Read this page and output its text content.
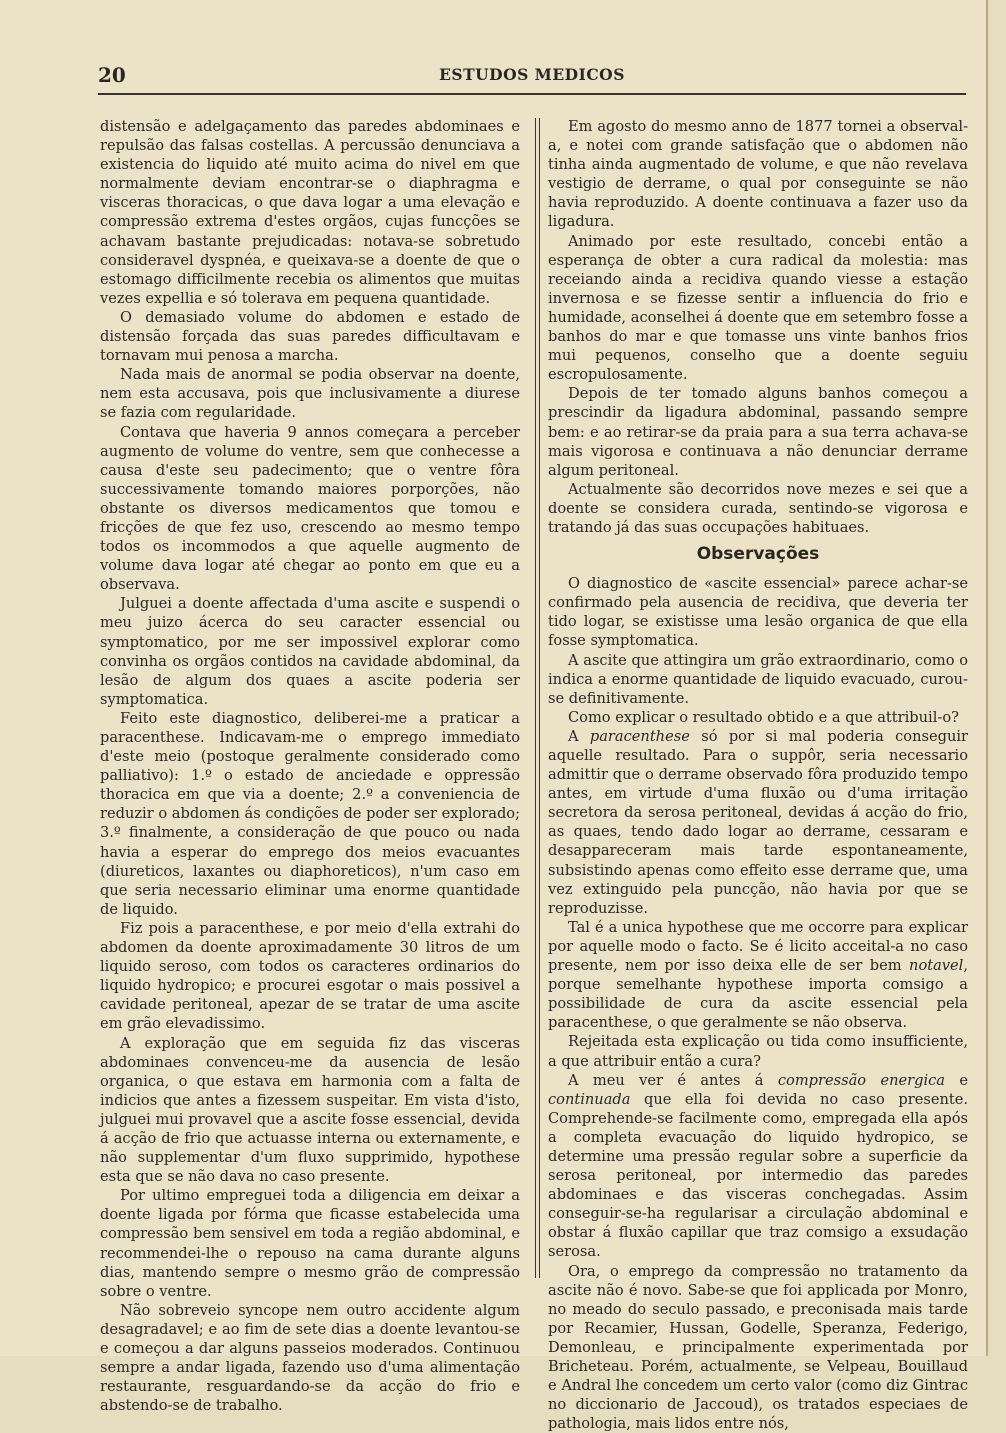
20	ESTUDOS MEDICOS

distensão e adelgaçamento das paredes abdominaes e repulsão das falsas costellas. A percussão denunciava a existencia do liquido até muito acima do nivel em que normalmente deviam encontrar-se o diaphragma e visceras thoracicas, o que dava logar a uma elevação e compressão extrema d'estes orgãos, cujas funcções se achavam bastante prejudicadas: notava-se sobretudo consideravel dyspnéa, e queixava-se a doente de que o estomago difficilmente recebia os alimentos que muitas vezes expellia e só tolerava em pequena quantidade.

O demasiado volume do abdomen e estado de distensão forçada das suas paredes difficultavam e tornavam mui penosa a marcha.

Nada mais de anormal se podia observar na doente, nem esta accusava, pois que inclusivamente a diurese se fazia com regularidade.

Contava que haveria 9 annos começara a perceber augmento de volume do ventre, sem que conhecesse a causa d'este seu padecimento; que o ventre fôra successivamente tomando maiores porporções, não obstante os diversos medicamentos que tomou e fricções de que fez uso, crescendo ao mesmo tempo todos os incommodos a que aquelle augmento de volume dava logar até chegar ao ponto em que eu a observava.

Julguei a doente affectada d'uma ascite e suspendi o meu juizo ácerca do seu caracter essencial ou symptomatico, por me ser impossivel explorar como convinha os orgãos contidos na cavidade abdominal, da lesão de algum dos quaes a ascite poderia ser symptomatica.

Feito este diagnostico, deliberei-me a praticar a paracenthese. Indicavam-me o emprego immediato d'este meio (postoque geralmente considerado como palliativo): 1.º o estado de anciedade e oppressão thoracica em que via a doente; 2.º a conveniencia de reduzir o abdomen ás condições de poder ser explorado; 3.º finalmente, a consideração de que pouco ou nada havia a esperar do emprego dos meios evacuantes (diureticos, laxantes ou diaphoreticos), n'um caso em que seria necessario eliminar uma enorme quantidade de liquido.

Fiz pois a paracenthese, e por meio d'ella extrahi do abdomen da doente aproximadamente 30 litros de um liquido seroso, com todos os caracteres ordinarios do liquido hydropico; e procurei esgotar o mais possivel a cavidade peritoneal, apezar de se tratar de uma ascite em grão elevadissimo.

A exploração que em seguida fiz das visceras abdominaes convenceu-me da ausencia de lesão organica, o que estava em harmonia com a falta de indicios que antes a fizessem suspeitar. Em vista d'isto, julguei mui provavel que a ascite fosse essencial, devida á acção de frio que actuasse interna ou externamente, e não supplementar d'um fluxo supprimido, hypothese esta que se não dava no caso presente.

Por ultimo empreguei toda a diligencia em deixar a doente ligada por fórma que ficasse estabelecida uma compressão bem sensivel em toda a região abdominal, e recommendei-lhe o repouso na cama durante alguns dias, mantendo sempre o mesmo grão de compressão sobre o ventre.

Não sobreveio syncope nem outro accidente algum desagradavel; e ao fim de sete dias a doente levantou-se e começou a dar alguns passeios moderados. Continuou sempre a andar ligada, fazendo uso d'uma alimentação restaurante, resguardando-se da acção do frio e abstendo-se de trabalho.

Em agosto do mesmo anno de 1877 tornei a observal-a, e notei com grande satisfação que o abdomen não tinha ainda augmentado de volume, e que não revelava vestigio de derrame, o qual por conseguinte se não havia reproduzido. A doente continuava a fazer uso da ligadura.

Animado por este resultado, concebi então a esperança de obter a cura radical da molestia: mas receiando ainda a recidiva quando viesse a estação invernosa e se fizesse sentir a influencia do frio e humidade, aconselhei á doente que em setembro fosse a banhos do mar e que tomasse uns vinte banhos frios mui pequenos, conselho que a doente seguiu escropulosamente.

Depois de ter tomado alguns banhos começou a prescindir da ligadura abdominal, passando sempre bem: e ao retirar-se da praia para a sua terra achava-se mais vigorosa e continuava a não denunciar derrame algum peritoneal.

Actualmente são decorridos nove mezes e sei que a doente se considera curada, sentindo-se vigorosa e tratando já das suas occupações habituaes.

Observações

O diagnostico de «ascite essencial» parece achar-se confirmado pela ausencia de recidiva, que deveria ter tido logar, se existisse uma lesão organica de que ella fosse symptomatica.

A ascite que attingira um grão extraordinario, como o indica a enorme quantidade de liquido evacuado, curou-se definitivamente.

Como explicar o resultado obtido e a que attribuil-o?

A paracenthese só por si mal poderia conseguir aquelle resultado. Para o suppôr, seria necessario admittir que o derrame observado fôra produzido tempo antes, em virtude d'uma fluxão ou d'uma irritação secretora da serosa peritoneal, devidas á acção do frio, as quaes, tendo dado logar ao derrame, cessaram e desappareceram mais tarde espontaneamente, subsistindo apenas como effeito esse derrame que, uma vez extinguido pela puncção, não havia por que se reproduzisse.

Tal é a unica hypothese que me occorre para explicar por aquelle modo o facto. Se é licito acceital-a no caso presente, nem por isso deixa elle de ser bem notavel, porque semelhante hypothese importa comsigo a possibilidade de cura da ascite essencial pela paracenthese, o que geralmente se não observa.

Rejeitada esta explicação ou tida como insufficiente, a que attribuir então a cura?

A meu ver é antes á compressão energica e continuada que ella foi devida no caso presente. Comprehende-se facilmente como, empregada ella após a completa evacuação do liquido hydropico, se determine uma pressão regular sobre a superficie da serosa peritoneal, por intermedio das paredes abdominaes e das visceras conchegadas. Assim conseguir-se-ha regularisar a circulação abdominal e obstar á fluxão capillar que traz comsigo a exsudação serosa.

Ora, o emprego da compressão no tratamento da ascite não é novo. Sabe-se que foi applicada por Monro, no meado do seculo passado, e preconisada mais tarde por Recamier, Hussan, Godelle, Speranza, Federigo, Demonleau, e principalmente experimentada por Bricheteau. Porém, actualmente, se Velpeau, Bouillaud e Andral lhe concedem um certo valor (como diz Gintrac no diccionario de Jaccoud), os tratados especiaes de pathologia, mais lidos entre nós,
